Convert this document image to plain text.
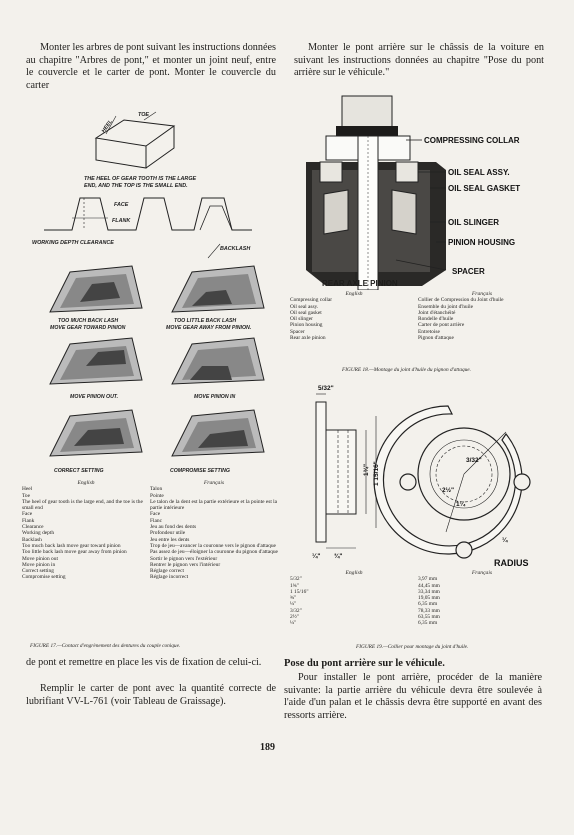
Monter les arbres de pont suivant les instructions données au chapitre "Arbres de pont," et monter un joint neuf, entre le couvercle et le carter de pont. Monter le couvercle du carter
Monter le pont arrière sur le châssis de la voiture en suivant les instructions données au chapitre "Pose du pont arrière sur le véhicule."
HEEL
TOE
THE HEEL OF GEAR TOOTH IS THE LARGE
END, AND THE TOP IS THE SMALL END.
FACE
FLANK
WORKING DEPTH CLEARANCE
BACKLASH
TOO MUCH BACK LASH
MOVE GEAR TOWARD PINION
TOO LITTLE BACK LASH
MOVE GEAR AWAY FROM PINION.
MOVE PINION OUT.	MOVE PINION IN
CORRECT SETTING	COMPROMISE SETTING
English	Français
Heel	Talon
Toe	Pointe
The heel of gear tooth is the large end, and the toe is the small end	Le talon de la dent est la partie extérieure et la pointe est la partie intérieure
Face	Face
Flank	Flanc
Clearance	Jeu au fond des dents
Working depth	Profondeur utile
Backlash	Jeu entre les dents
Too much back lash move gear toward pinion	Trop de jeu—avancer la couronne vers le pignon d'attaque
Too little back lash move gear away from pinion	Pas assez de jeu—éloigner la couronne du pignon d'attaque
Move pinion out	Sortir le pignon vers l'extérieur
Move pinion in	Rentrer le pignon vers l'intérieur
Correct setting	Réglage correct
Compromise setting	Réglage incorrect
FIGURE 17.—Contact d'engrènement des dentures du couple conique.
COMPRESSING COLLAR
OIL SEAL ASSY.
OIL SEAL GASKET
OIL SLINGER
PINION HOUSING
SPACER
REAR AXLE PINION
English	Français
Compressing collar	Collier de Compression du Joint d'huile
Oil seal assy.	Ensemble du joint d'huile
Oil seal gasket	Joint d'étanchéité
Oil slinger	Rondelle d'huile
Pinion housing	Carter de pont arrière
Spacer	Entretoise
Rear axle pinion	Pignon d'attaque
FIGURE 18.—Montage du joint d'huile du pignon d'attaque.
5/32"
1¾" 1 15/16"
¼" ¾"
3/32"
2½"
1¼
¼
RADIUS
English	Français
5/32"	3,97 mm
1¾"	44,45 mm
1 15/16"	33,34 mm
¾"	19,05 mm
¼"	6,35 mm
3/32"	78,33 mm
2½"	63,55 mm
¼"	6,35 mm
FIGURE 19.—Collier pour montage du joint d'huile.
de pont et remettre en place les vis de fixation de celui-ci.
Remplir le carter de pont avec la quantité correcte de lubrifiant VV-L-761 (voir Tableau de Graissage).
Pose du pont arrière sur le véhicule.
Pour installer le pont arrière, procéder de la manière suivante: la partie arrière du véhicule devra être soulevée à l'aide d'un palan et le châssis devra être supporté en avant des ressorts arrière.
189
